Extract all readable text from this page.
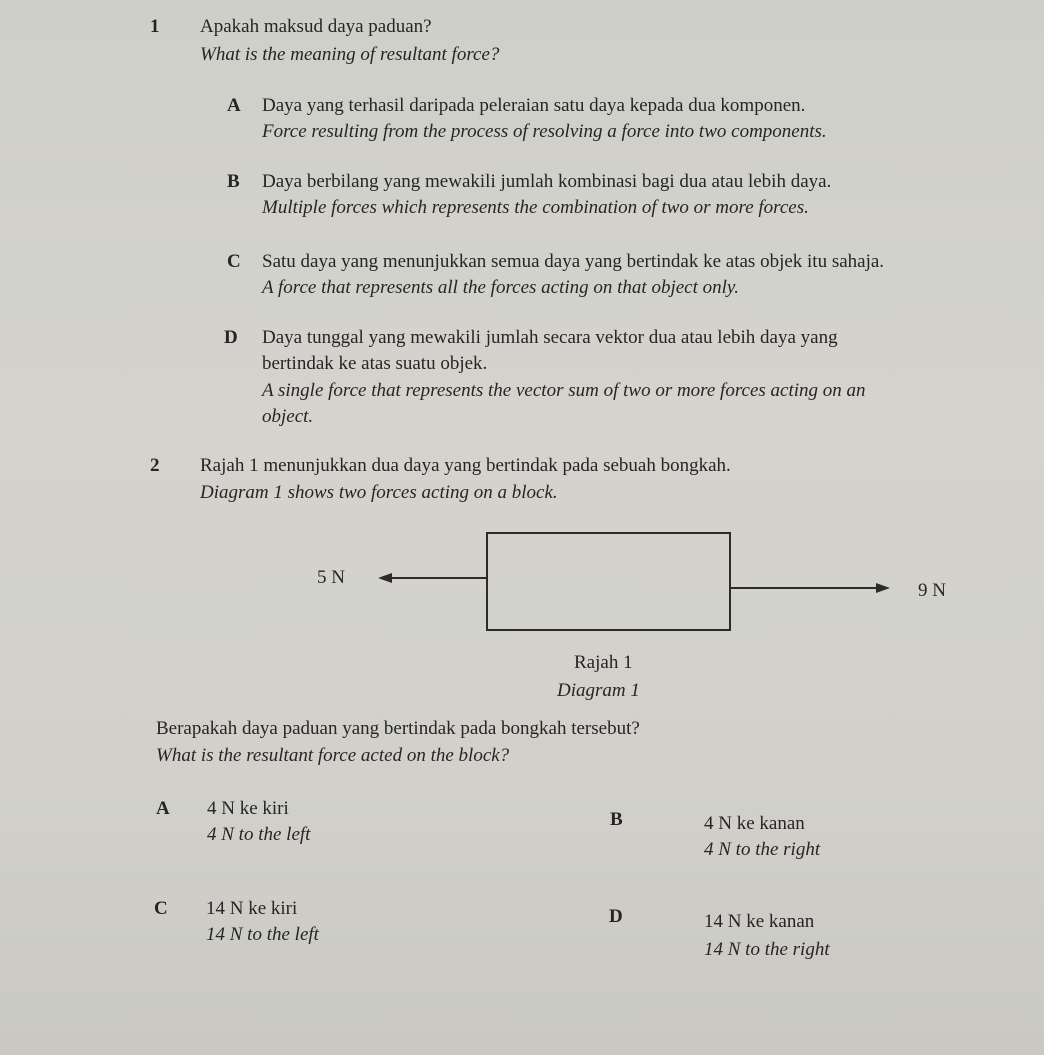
1 Apakah maksud daya paduan?
What is the meaning of resultant force?
A Daya yang terhasil daripada peleraian satu daya kepada dua komponen.
Force resulting from the process of resolving a force into two components.
B Daya berbilang yang mewakili jumlah kombinasi bagi dua atau lebih daya.
Multiple forces which represents the combination of two or more forces.
C Satu daya yang menunjukkan semua daya yang bertindak ke atas objek itu sahaja.
A force that represents all the forces acting on that object only.
D Daya tunggal yang mewakili jumlah secara vektor dua atau lebih daya yang
bertindak ke atas suatu objek.
A single force that represents the vector sum of two or more forces acting on an
object.
2 Rajah 1 menunjukkan dua daya yang bertindak pada sebuah bongkah.
Diagram 1 shows two forces acting on a block.
5 N
9 N
Rajah 1
Diagram 1
Berapakah daya paduan yang bertindak pada bongkah tersebut?
What is the resultant force acted on the block?
A 4 N ke kiri
4 N to the left
B	4 N ke kanan
4 N to the right
C 14 N ke kiri
14 N to the left
D	14 N ke kanan
14 N to the right
